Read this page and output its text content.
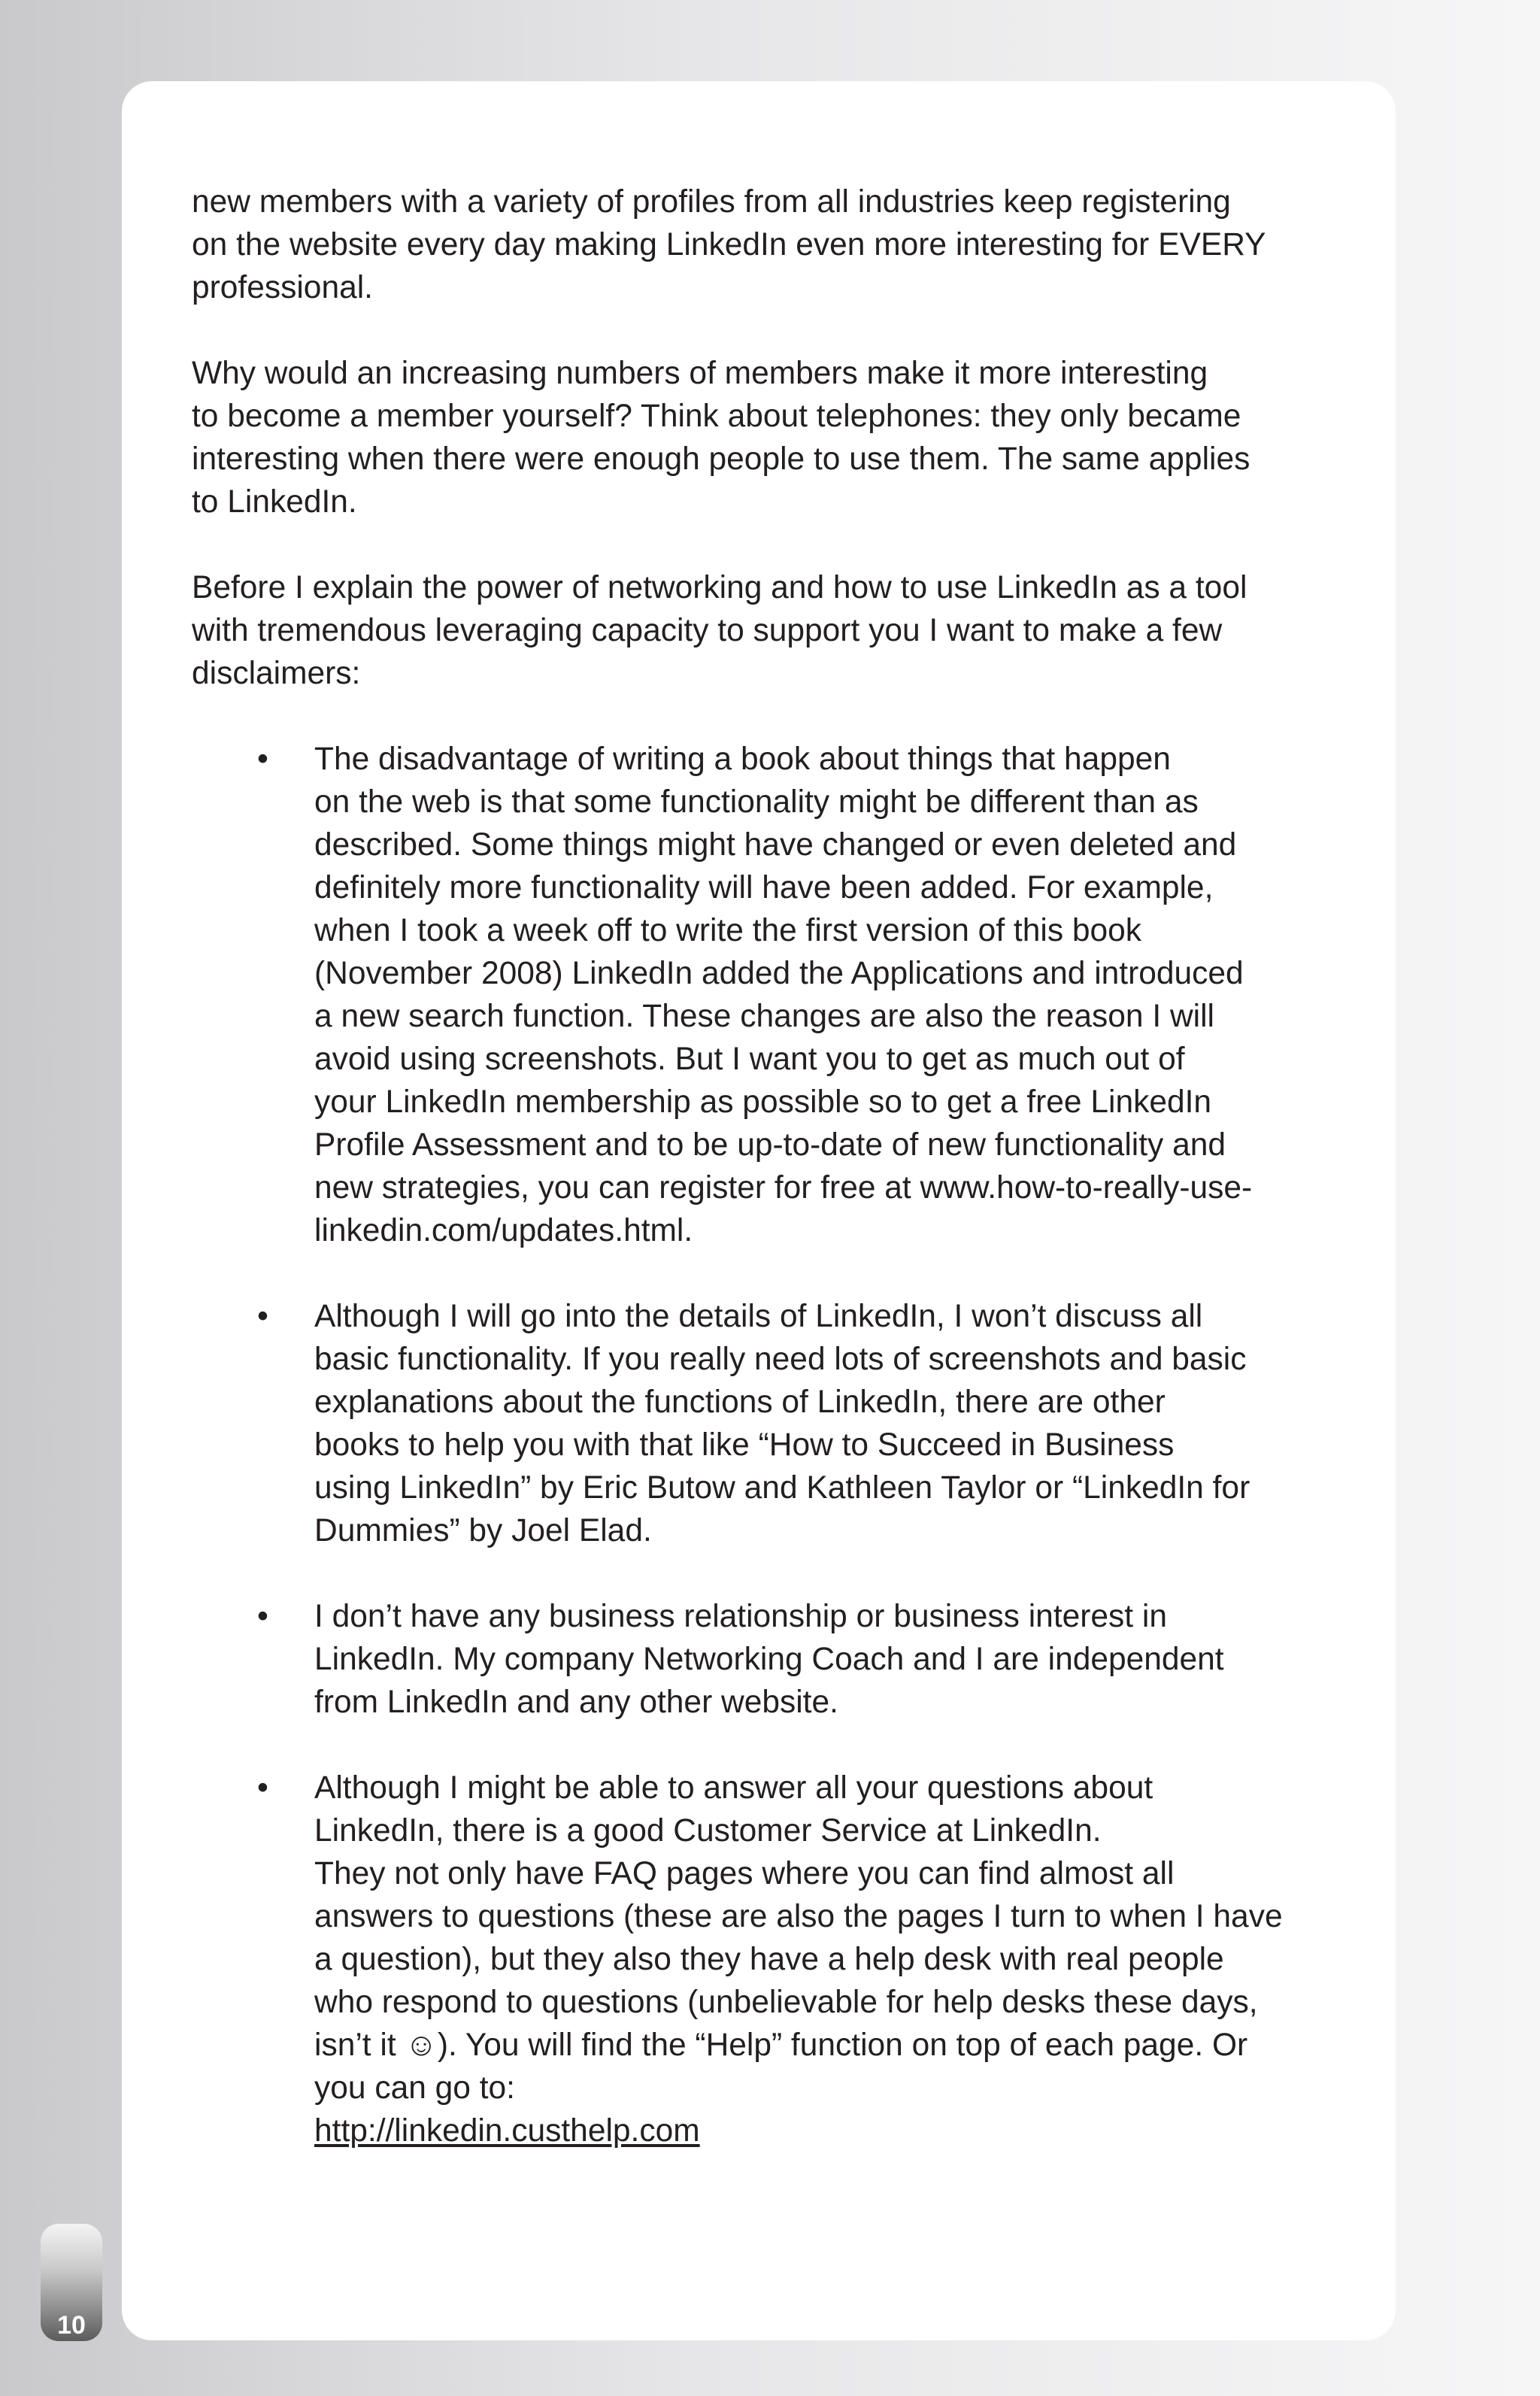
new members with a variety of profiles from all industries keep registering
on the website every day making LinkedIn even more interesting for EVERY
professional.

Why would an increasing numbers of members make it more interesting
to become a member yourself? Think about telephones: they only became
interesting when there were enough people to use them. The same applies
to LinkedIn.

Before I explain the power of networking and how to use LinkedIn as a tool
with tremendous leveraging capacity to support you I want to make a few
disclaimers:

• The disadvantage of writing a book about things that happen
on the web is that some functionality might be different than as
described. Some things might have changed or even deleted and
definitely more functionality will have been added. For example,
when I took a week off to write the first version of this book
(November 2008) LinkedIn added the Applications and introduced
a new search function. These changes are also the reason I will
avoid using screenshots. But I want you to get as much out of
your LinkedIn membership as possible so to get a free LinkedIn
Profile Assessment and to be up-to-date of new functionality and
new strategies, you can register for free at www.how-to-really-use-
linkedin.com/updates.html.
• Although I will go into the details of LinkedIn, I won’t discuss all
basic functionality. If you really need lots of screenshots and basic
explanations about the functions of LinkedIn, there are other
books to help you with that like “How to Succeed in Business
using LinkedIn” by Eric Butow and Kathleen Taylor or “LinkedIn for
Dummies” by Joel Elad.
• I don’t have any business relationship or business interest in
LinkedIn. My company Networking Coach and I are independent
from LinkedIn and any other website.
• Although I might be able to answer all your questions about
LinkedIn, there is a good Customer Service at LinkedIn.
They not only have FAQ pages where you can find almost all
answers to questions (these are also the pages I turn to when I have
a question), but they also they have a help desk with real people
who respond to questions (unbelievable for help desks these days,
isn’t it ☺). You will find the “Help” function on top of each page. Or
you can go to:
http://linkedin.custhelp.com
10
